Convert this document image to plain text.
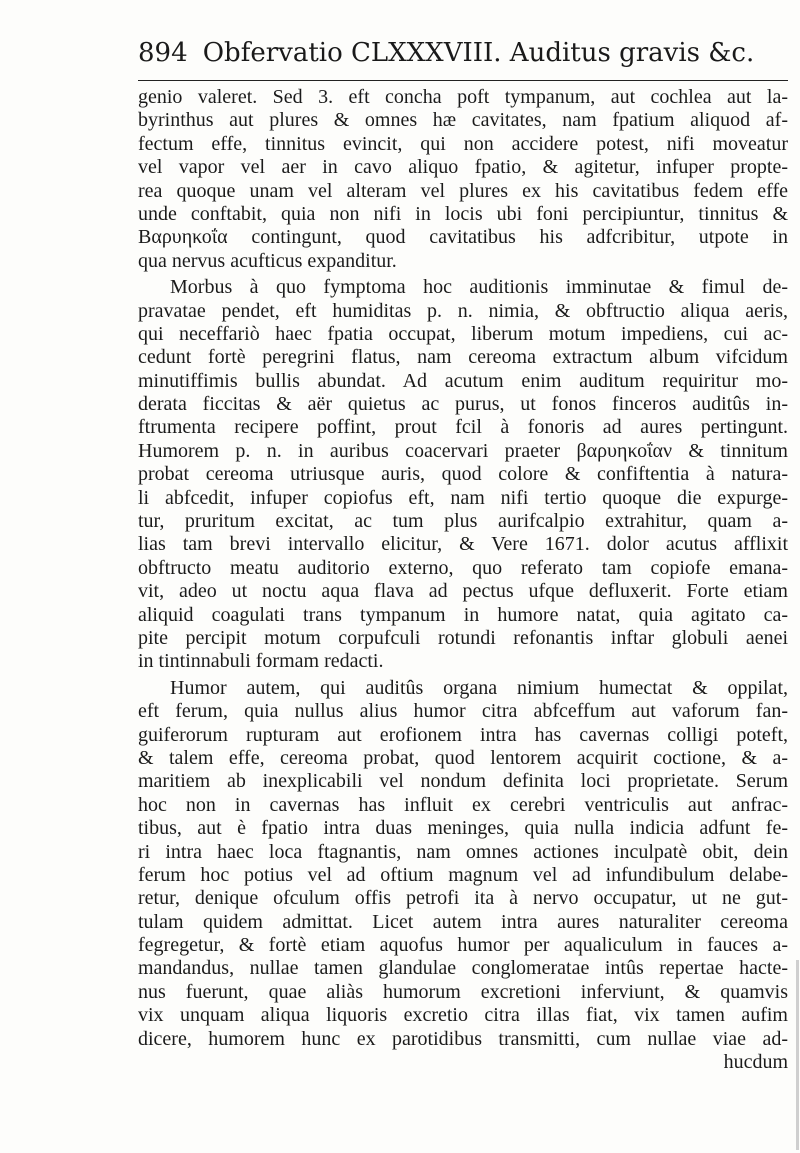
894 Obfervatio CLXXXVIII. Auditus gravis &c.
genio valeret. Sed 3. eft concha poft tympanum, aut cochlea aut la-
byrinthus aut plures & omnes hæ cavitates, nam fpatium aliquod af-
fectum effe, tinnitus evincit, qui non accidere potest, nifi moveatur
vel vapor vel aer in cavo aliquo fpatio, & agitetur, infuper propte-
rea quoque unam vel alteram vel plures ex his cavitatibus fedem effe
unde conftabit, quia non nifi in locis ubi foni percipiuntur, tinnitus &
Βαρυηκοΐα contingunt, quod cavitatibus his adfcribitur, utpote in
qua nervus acufticus expanditur.
Morbus à quo fymptoma hoc auditionis imminutae & fimul de-
pravatae pendet, eft humiditas p. n. nimia, & obftructio aliqua aeris,
qui neceffariò haec fpatia occupat, liberum motum impediens, cui ac-
cedunt fortè peregrini flatus, nam cereoma extractum album vifcidum
minutiffimis bullis abundat. Ad acutum enim auditum requiritur mo-
derata ficcitas & aër quietus ac purus, ut fonos finceros auditûs in-
ftrumenta recipere poffint, prout fcil à fonoris ad aures pertingunt.
Humorem p. n. in auribus coacervari praeter βαρυηκοΐαν & tinnitum
probat cereoma utriusque auris, quod colore & confiftentia à natura-
li abfcedit, infuper copiofus eft, nam nifi tertio quoque die expurge-
tur, pruritum excitat, ac tum plus aurifcalpio extrahitur, quam a-
lias tam brevi intervallo elicitur, & Vere 1671. dolor acutus afflixit
obftructo meatu auditorio externo, quo referato tam copiofe emana-
vit, adeo ut noctu aqua flava ad pectus ufque defluxerit. Forte etiam
aliquid coagulati trans tympanum in humore natat, quia agitato ca-
pite percipit motum corpufculi rotundi refonantis inftar globuli aenei
in tintinnabuli formam redacti.
Humor autem, qui auditûs organa nimium humectat & oppilat,
eft ferum, quia nullus alius humor citra abfceffum aut vaforum fan-
guiferorum rupturam aut erofionem intra has cavernas colligi poteft,
& talem effe, cereoma probat, quod lentorem acquirit coctione, & a-
maritiem ab inexplicabili vel nondum definita loci proprietate. Serum
hoc non in cavernas has influit ex cerebri ventriculis aut anfrac-
tibus, aut è fpatio intra duas meninges, quia nulla indicia adfunt fe-
ri intra haec loca ftagnantis, nam omnes actiones inculpatè obit, dein
ferum hoc potius vel ad oftium magnum vel ad infundibulum delabe-
retur, denique ofculum offis petrofi ita à nervo occupatur, ut ne gut-
tulam quidem admittat. Licet autem intra aures naturaliter cereoma
fegregetur, & fortè etiam aquofus humor per aqualiculum in fauces a-
mandandus, nullae tamen glandulae conglomeratae intûs repertae hacte-
nus fuerunt, quae aliàs humorum excretioni inferviunt, & quamvis
vix unquam aliqua liquoris excretio citra illas fiat, vix tamen aufim
dicere, humorem hunc ex parotidibus transmitti, cum nullae viae ad-
hucdum
